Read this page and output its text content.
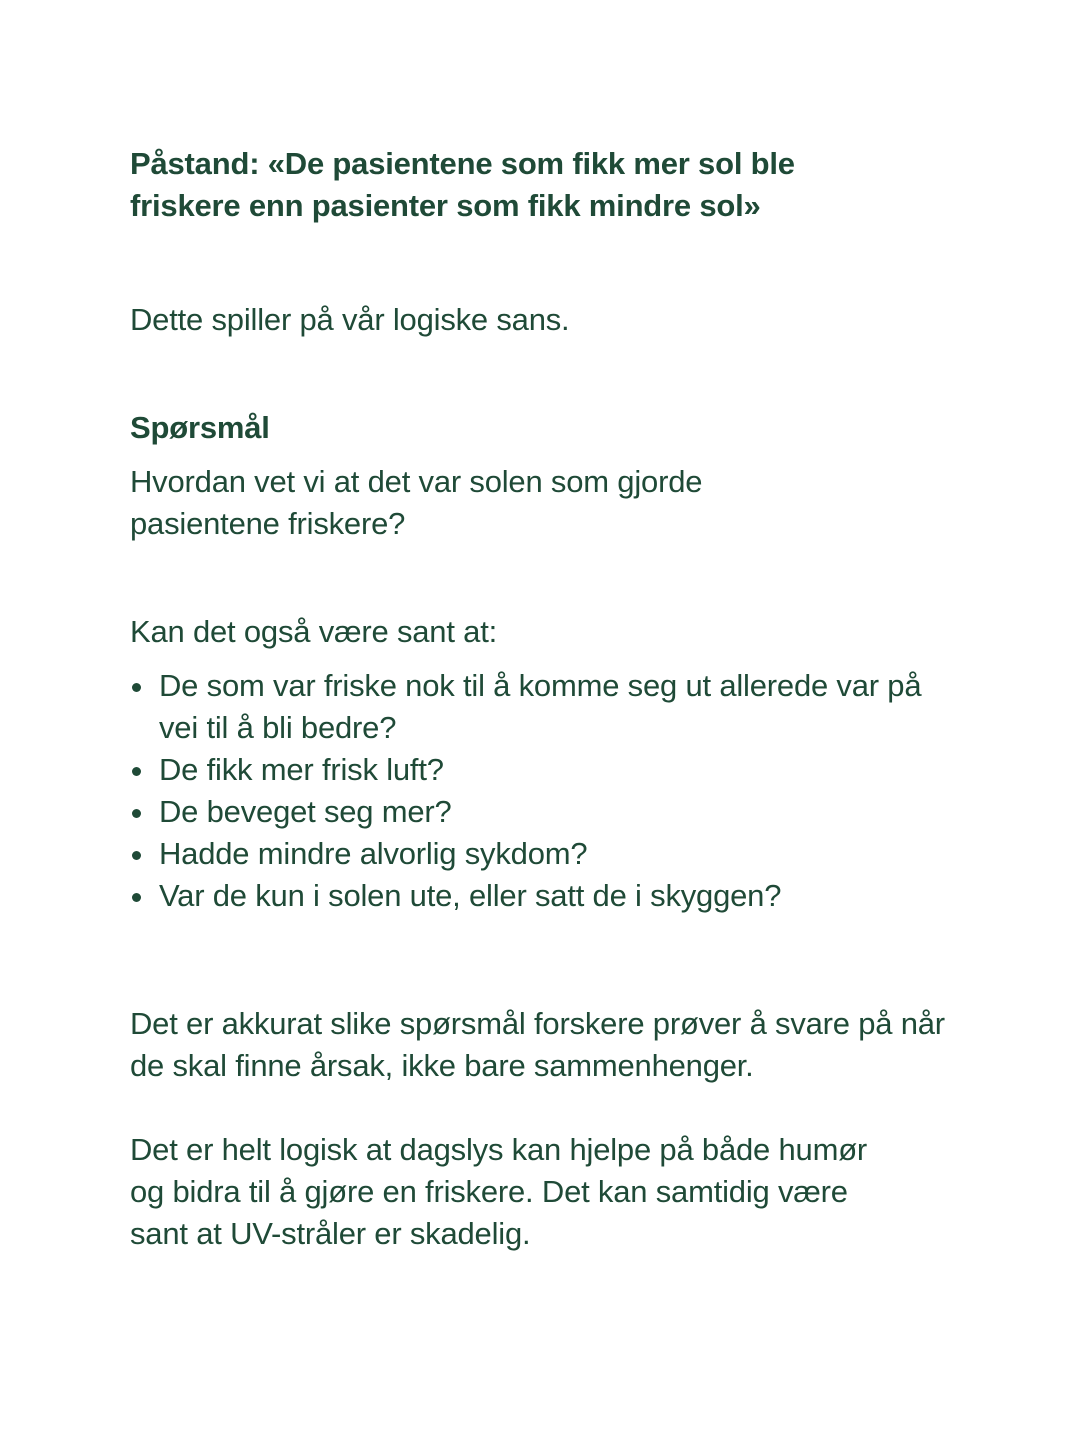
Påstand: «De pasientene som fikk mer sol ble friskere enn pasienter som fikk mindre sol»

Dette spiller på vår logiske sans.

Spørsmål

Hvordan vet vi at det var solen som gjorde pasientene friskere?

Kan det også være sant at:

De som var friske nok til å komme seg ut allerede var på vei til å bli bedre?
De fikk mer frisk luft?
De beveget seg mer?
Hadde mindre alvorlig sykdom?
Var de kun i solen ute, eller satt de i skyggen?

Det er akkurat slike spørsmål forskere prøver å svare på når de skal finne årsak, ikke bare sammenhenger.

Det er helt logisk at dagslys kan hjelpe på både humør og bidra til å gjøre en friskere. Det kan samtidig være sant at UV-stråler er skadelig.
